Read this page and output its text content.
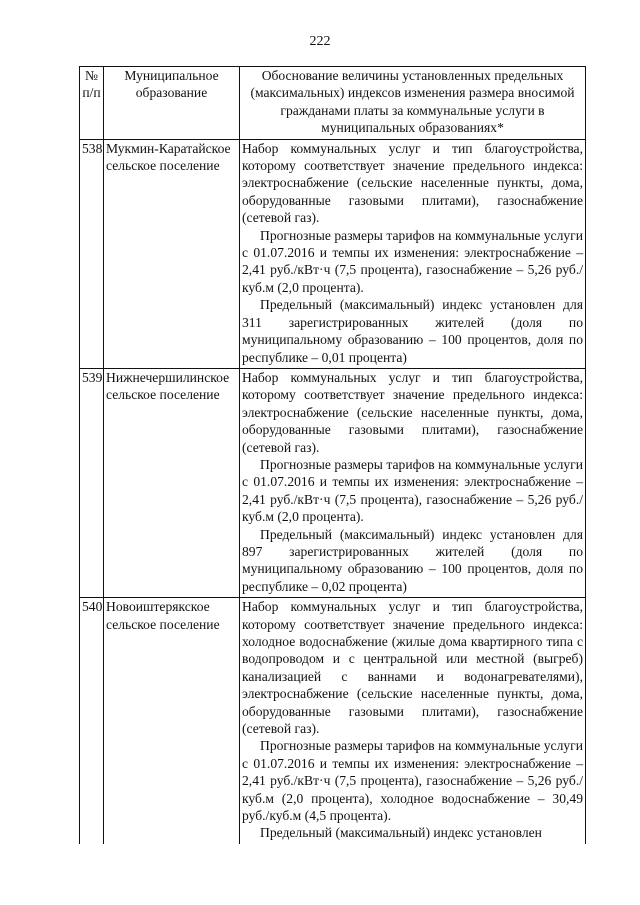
222
№ п/п	Муниципальное образование	Обоснование величины установленных предельных (максимальных) индексов изменения размера вносимой гражданами платы за коммунальные услуги в муниципальных образованиях*
538	Мукмин-Каратайское сельское поселение	Набор коммунальных услуг и тип благоустройства, которому соответствует значение предельного индекса: электроснабжение (сельские населенные пункты, дома, оборудованные газовыми плитами), газоснабжение (сетевой газ).

Прогнозные размеры тарифов на коммунальные услуги с 01.07.2016 и темпы их изменения: электроснабжение – 2,41 руб./кВт·ч (7,5 процента), газоснабжение – 5,26 руб./куб.м (2,0 процента).

Предельный (максимальный) индекс установлен для 311 зарегистрированных жителей (доля по муниципальному образованию – 100 процентов, доля по республике – 0,01 процента)

539	Нижнечершилинское сельское поселение	Набор коммунальных услуг и тип благоустройства, которому соответствует значение предельного индекса: электроснабжение (сельские населенные пункты, дома, оборудованные газовыми плитами), газоснабжение (сетевой газ).

Прогнозные размеры тарифов на коммунальные услуги с 01.07.2016 и темпы их изменения: электроснабжение – 2,41 руб./кВт·ч (7,5 процента), газоснабжение – 5,26 руб./куб.м (2,0 процента).

Предельный (максимальный) индекс установлен для 897 зарегистрированных жителей (доля по муниципальному образованию – 100 процентов, доля по республике – 0,02 процента)

540	Новоиштерякское сельское поселение	Набор коммунальных услуг и тип благоустройства, которому соответствует значение предельного индекса: холодное водоснабжение (жилые дома квартирного типа с водопроводом и с центральной или местной (выгреб) канализацией с ваннами и водонагревателями), электроснабжение (сельские населенные пункты, дома, оборудованные газовыми плитами), газоснабжение (сетевой газ).

Прогнозные размеры тарифов на коммунальные услуги с 01.07.2016 и темпы их изменения: электроснабжение – 2,41 руб./кВт·ч (7,5 процента), газоснабжение – 5,26 руб./куб.м (2,0 процента), холодное водоснабжение – 30,49 руб./куб.м (4,5 процента).

Предельный (максимальный) индекс установлен
